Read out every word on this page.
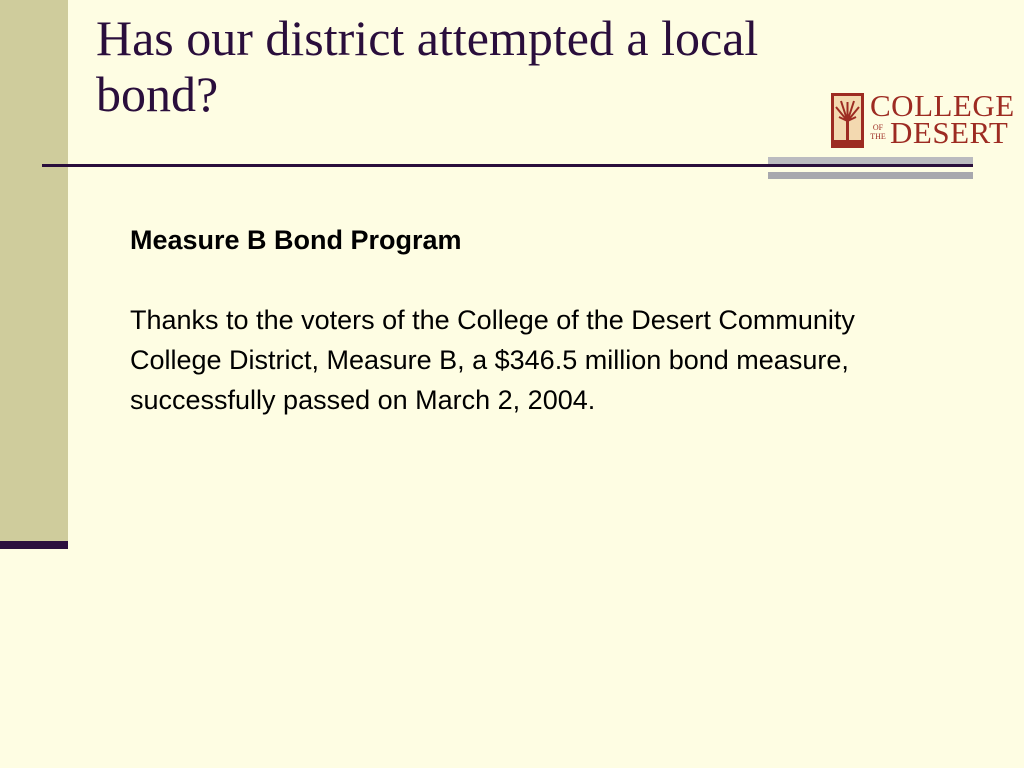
Has our district attempted a local
bond?	COLLEGE
OF
THE DESERT

Measure B Bond Program

Thanks to the voters of the College of the Desert Community College District, Measure B, a $346.5 million bond measure, successfully passed on March 2, 2004.
